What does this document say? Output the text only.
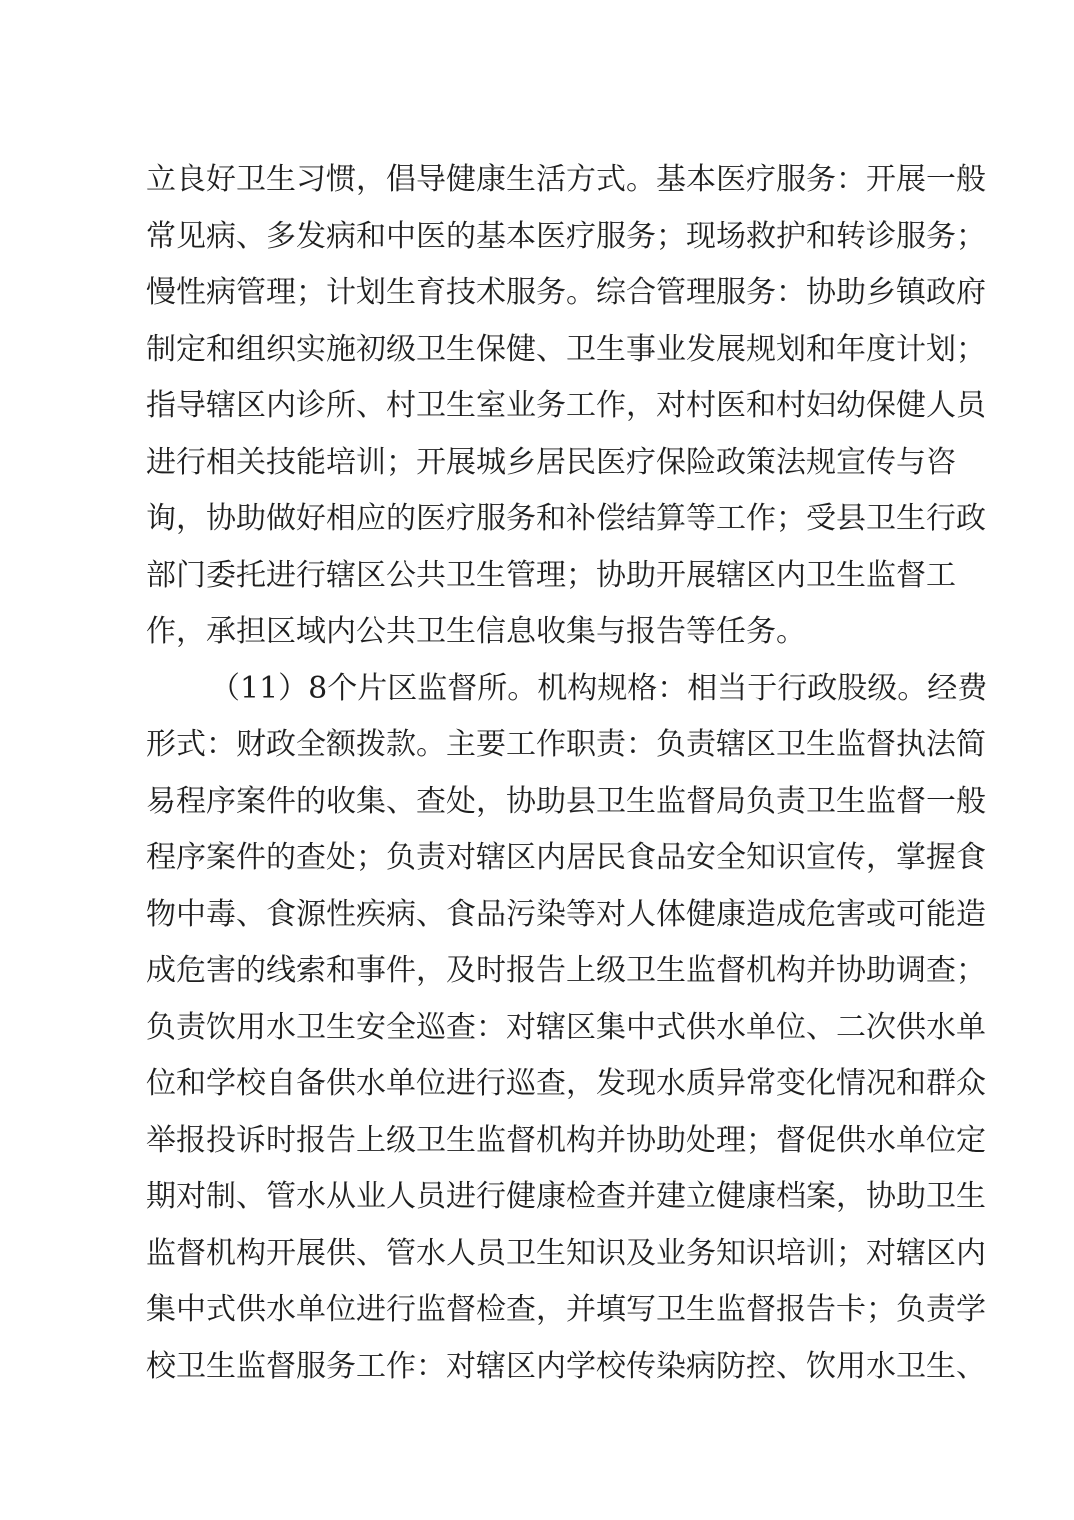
立良好卫生习惯，倡导健康生活方式。基本医疗服务：开展一般
常见病、多发病和中医的基本医疗服务；现场救护和转诊服务；
慢性病管理；计划生育技术服务。综合管理服务：协助乡镇政府
制定和组织实施初级卫生保健、卫生事业发展规划和年度计划；
指导辖区内诊所、村卫生室业务工作，对村医和村妇幼保健人员
进行相关技能培训；开展城乡居民医疗保险政策法规宣传与咨
询，协助做好相应的医疗服务和补偿结算等工作；受县卫生行政
部门委托进行辖区公共卫生管理；协助开展辖区内卫生监督工
作，承担区域内公共卫生信息收集与报告等任务。
（11）8个片区监督所。机构规格：相当于行政股级。经费
形式：财政全额拨款。主要工作职责：负责辖区卫生监督执法简
易程序案件的收集、查处，协助县卫生监督局负责卫生监督一般
程序案件的查处；负责对辖区内居民食品安全知识宣传，掌握食
物中毒、食源性疾病、食品污染等对人体健康造成危害或可能造
成危害的线索和事件，及时报告上级卫生监督机构并协助调查；
负责饮用水卫生安全巡查：对辖区集中式供水单位、二次供水单
位和学校自备供水单位进行巡查，发现水质异常变化情况和群众
举报投诉时报告上级卫生监督机构并协助处理；督促供水单位定
期对制、管水从业人员进行健康检查并建立健康档案，协助卫生
监督机构开展供、管水人员卫生知识及业务知识培训；对辖区内
集中式供水单位进行监督检查，并填写卫生监督报告卡；负责学
校卫生监督服务工作：对辖区内学校传染病防控、饮用水卫生、
